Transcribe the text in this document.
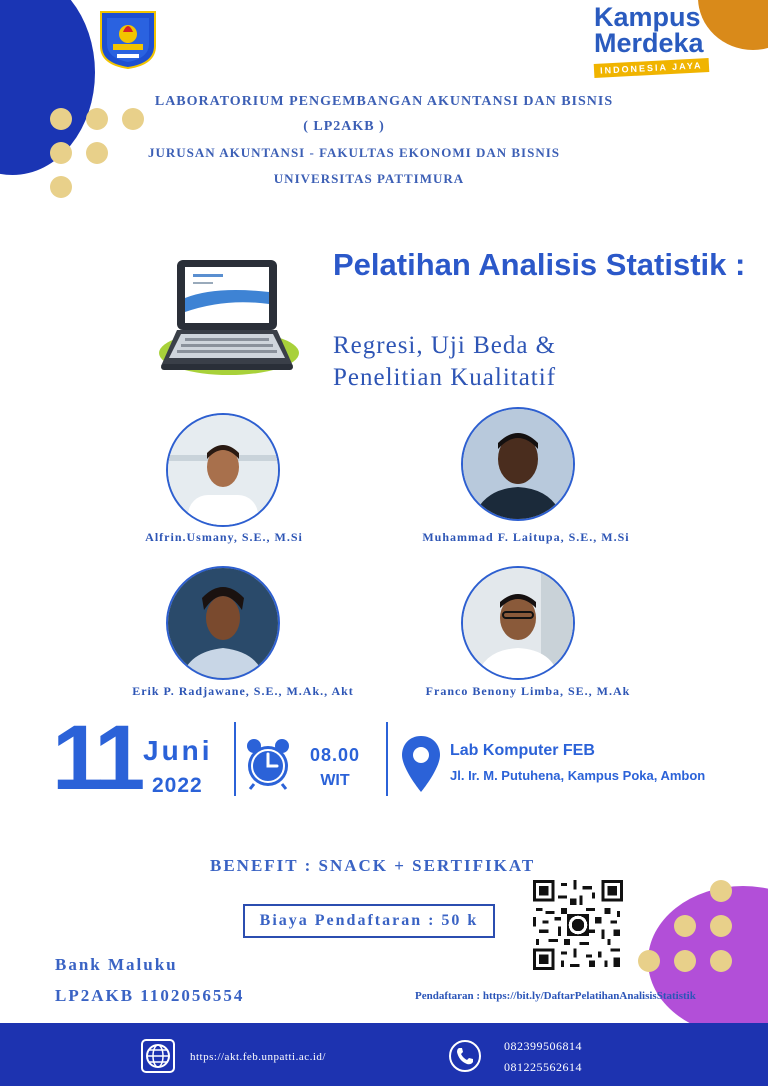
Kampus
Merdeka
INDONESIA JAYA
LABORATORIUM PENGEMBANGAN AKUNTANSI DAN BISNIS
( LP2AKB )
JURUSAN AKUNTANSI - FAKULTAS EKONOMI DAN BISNIS
UNIVERSITAS PATTIMURA
Pelatihan Analisis Statistik :
Regresi, Uji Beda &
Penelitian Kualitatif
Alfrin.Usmany, S.E., M.Si	Muhammad F. Laitupa, S.E., M.Si
Erik P. Radjawane, S.E., M.Ak., Akt	Franco Benony Limba, SE., M.Ak
11 Juni
2022
08.00
WIT
Lab Komputer FEB
Jl. Ir. M. Putuhena, Kampus Poka, Ambon
BENEFIT : SNACK + SERTIFIKAT
Biaya Pendaftaran : 50 k
Bank Maluku
LP2AKB 1102056554	Pendaftaran : https://bit.ly/DaftarPelatihanAnalisisStatistik
https://akt.feb.unpatti.ac.id/
082399506814
081225562614
